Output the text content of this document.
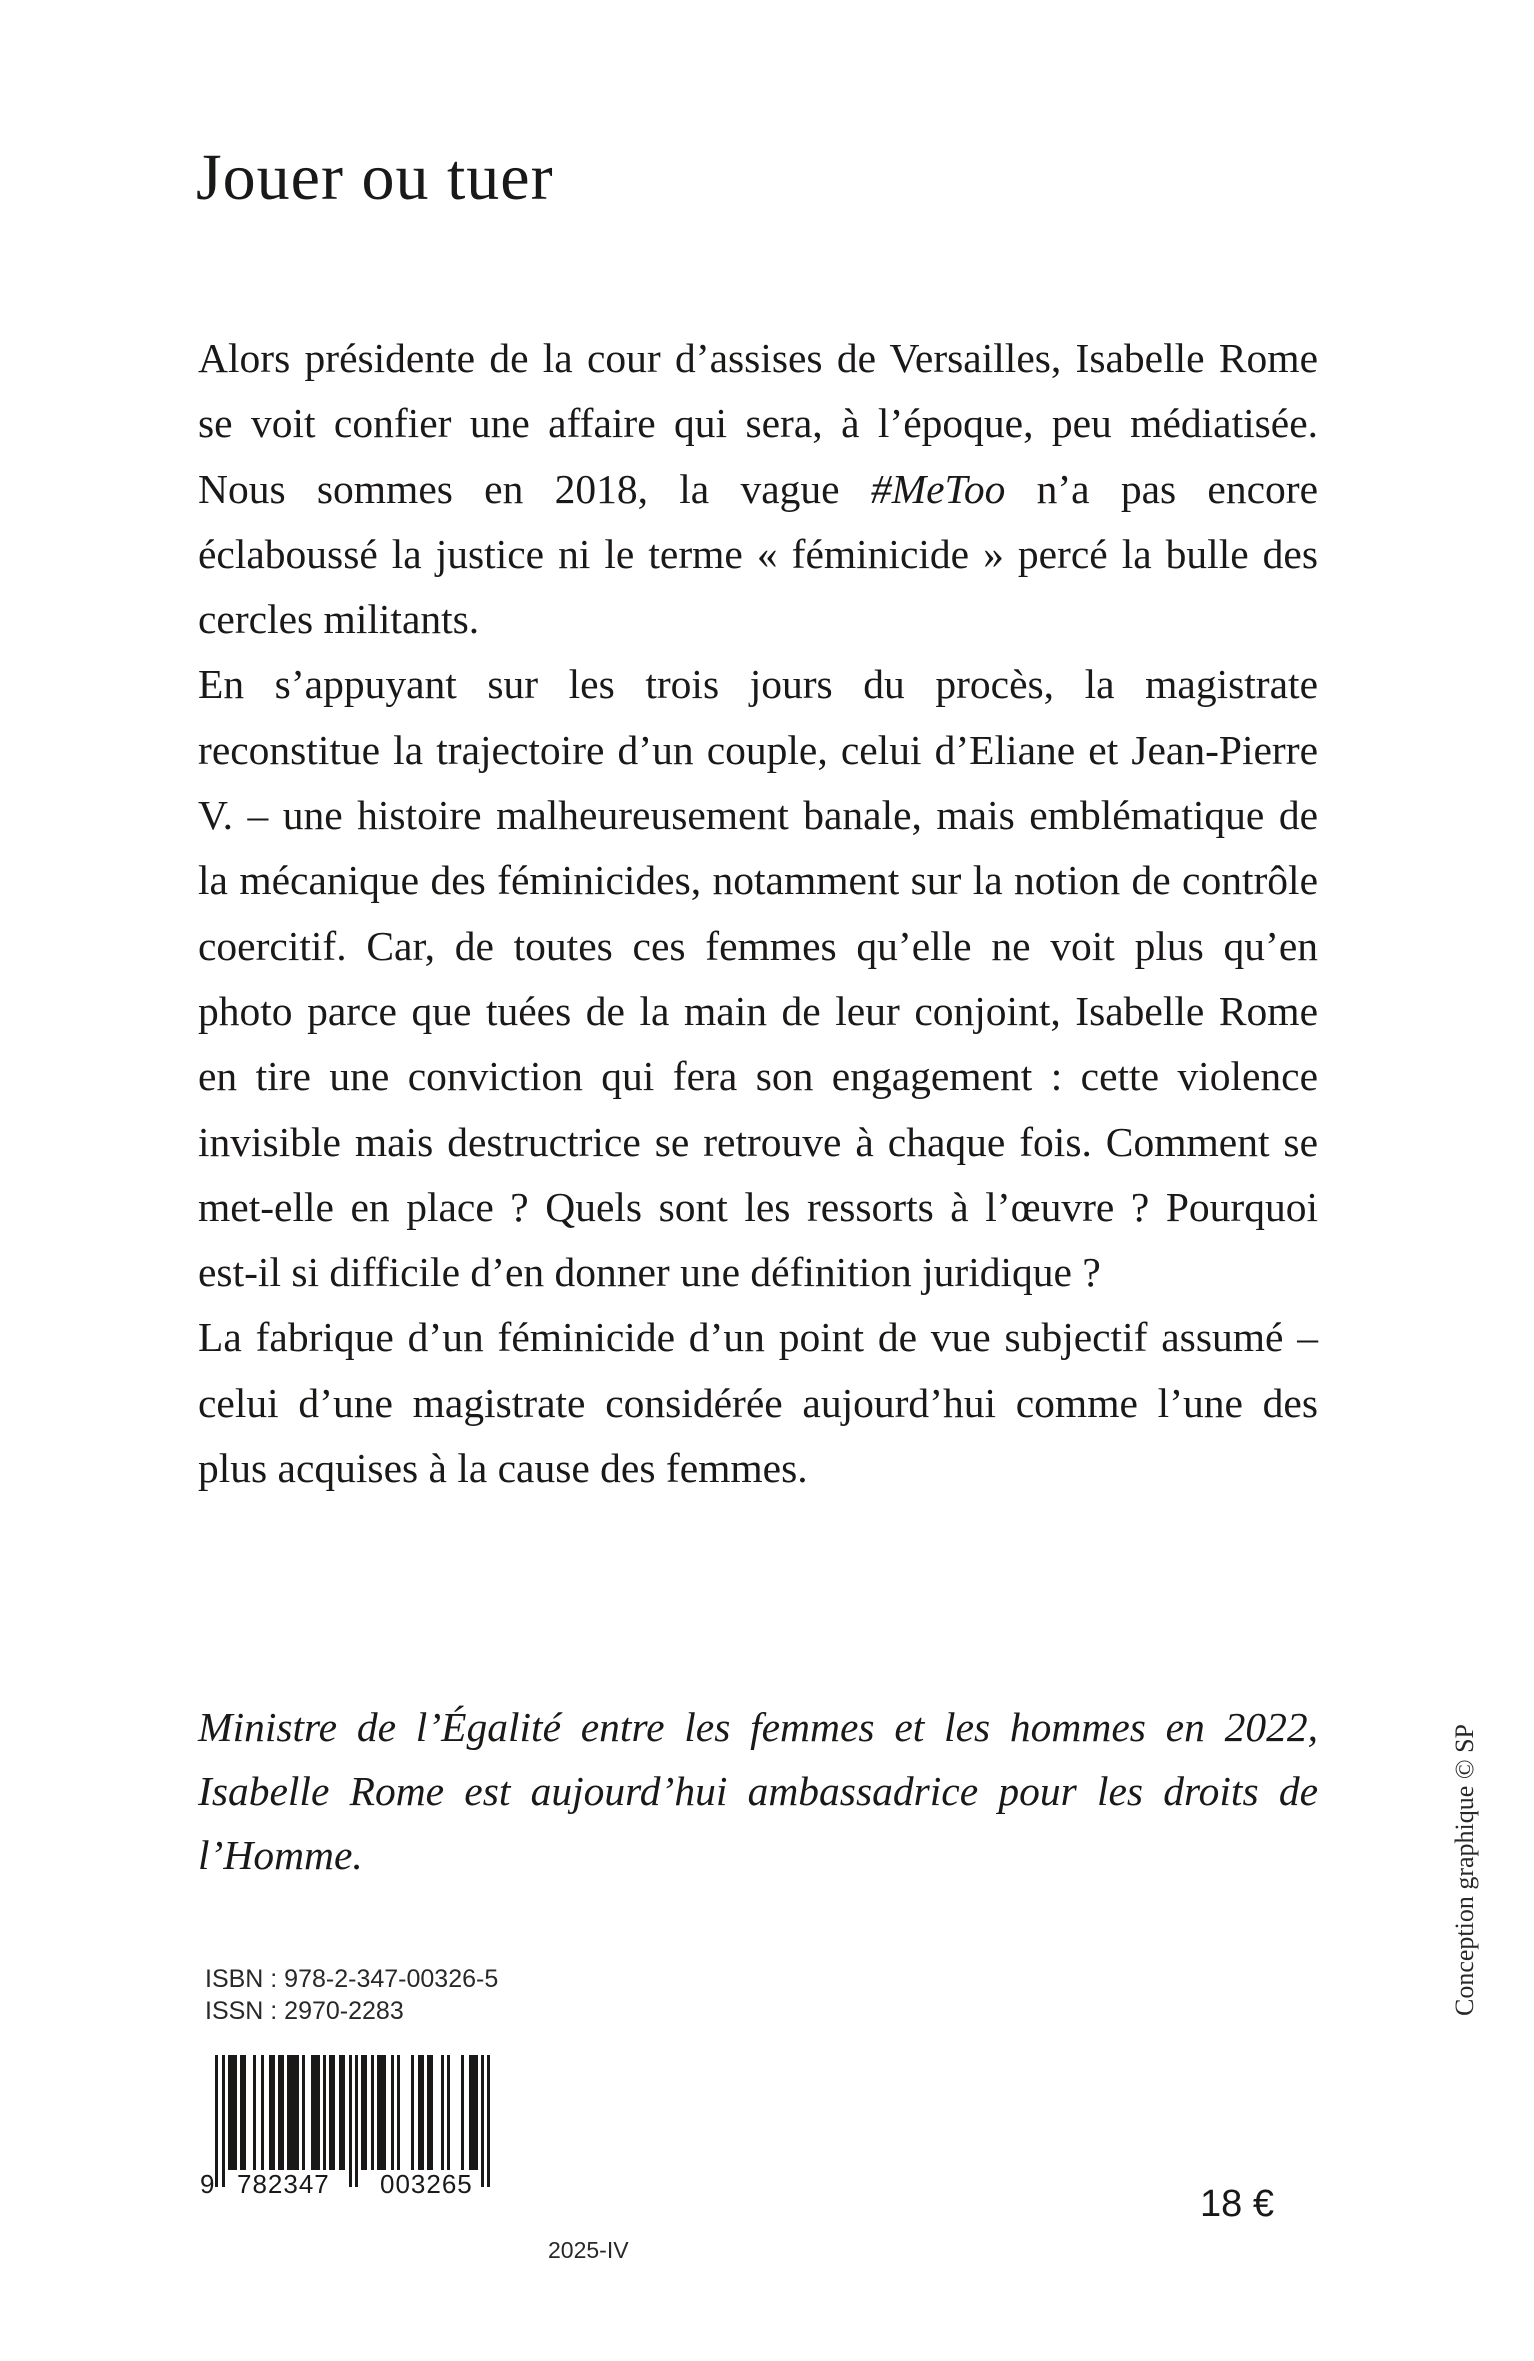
Jouer ou tuer

Alors présidente de la cour d’assises de Versailles, Isabelle Rome se voit confier une affaire qui sera, à l’époque, peu médiatisée. Nous sommes en 2018, la vague #MeToo n’a pas encore éclaboussé la justice ni le terme « féminicide » percé la bulle des cercles militants.

En s’appuyant sur les trois jours du procès, la magistrate reconstitue la trajectoire d’un couple, celui d’Eliane et Jean-Pierre V. – une histoire malheureusement banale, mais emblématique de la mécanique des féminicides, notamment sur la notion de contrôle coercitif. Car, de toutes ces femmes qu’elle ne voit plus qu’en photo parce que tuées de la main de leur conjoint, Isabelle Rome en tire une conviction qui fera son engagement : cette violence invisible mais destructrice se retrouve à chaque fois. Comment se met-elle en place ? Quels sont les ressorts à l’œuvre ? Pourquoi est-il si difficile d’en donner une définition juridique ?

La fabrique d’un féminicide d’un point de vue subjectif assumé – celui d’une magistrate considérée aujourd’hui comme l’une des plus acquises à la cause des femmes.

Ministre de l’Égalité entre les femmes et les hommes en 2022, Isabelle Rome est aujourd’hui ambassadrice pour les droits de l’Homme.	Conception graphique © SP
ISBN : 978-2-347-00326-5
ISSN : 2970-2283
9 782347 003265
2025-IV
18 €
